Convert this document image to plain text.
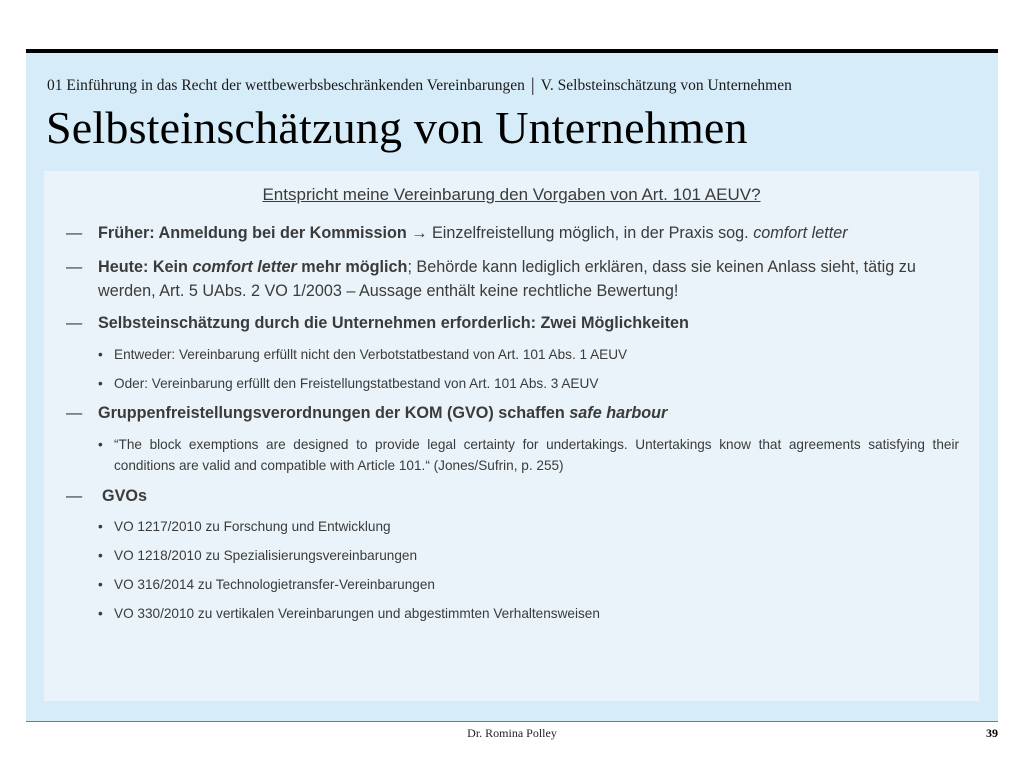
01 Einführung in das Recht der wettbewerbsbeschränkenden Vereinbarungen | V. Selbsteinschätzung von Unternehmen
Selbsteinschätzung von Unternehmen
Entspricht meine Vereinbarung den Vorgaben von Art. 101 AEUV?
— Früher: Anmeldung bei der Kommission → Einzelfreistellung möglich, in der Praxis sog. comfort letter
— Heute: Kein comfort letter mehr möglich; Behörde kann lediglich erklären, dass sie keinen Anlass sieht, tätig zu werden, Art. 5 UAbs. 2 VO 1/2003 – Aussage enthält keine rechtliche Bewertung!
— Selbsteinschätzung durch die Unternehmen erforderlich: Zwei Möglichkeiten
• Entweder: Vereinbarung erfüllt nicht den Verbotstatbestand von Art. 101 Abs. 1 AEUV
• Oder: Vereinbarung erfüllt den Freistellungstatbestand von Art. 101 Abs. 3 AEUV
— Gruppenfreistellungsverordnungen der KOM (GVO) schaffen safe harbour
• “The block exemptions are designed to provide legal certainty for undertakings. Untertakings know that agreements satisfying their conditions are valid and compatible with Article 101.“ (Jones/Sufrin, p. 255)
—	GVOs
• VO 1217/2010 zu Forschung und Entwicklung
• VO 1218/2010 zu Spezialisierungsvereinbarungen
• VO 316/2014 zu Technologietransfer-Vereinbarungen
• VO 330/2010 zu vertikalen Vereinbarungen und abgestimmten Verhaltensweisen
Dr. Romina Polley	39
